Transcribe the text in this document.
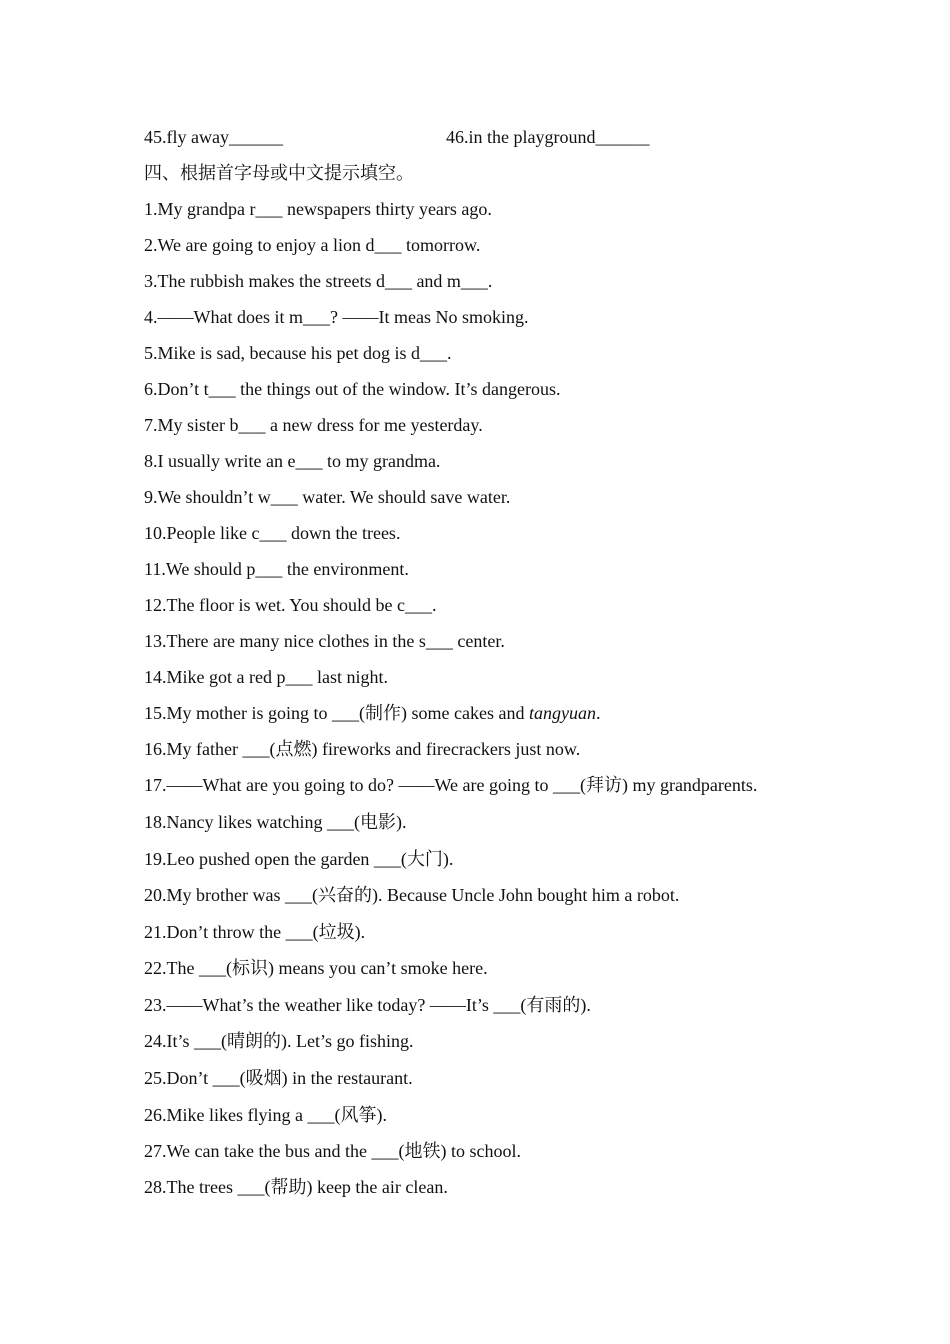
45.fly away______	46.in the playground______
四、根据首字母或中文提示填空。
1.My grandpa r___ newspapers thirty years ago.
2.We are going to enjoy a lion d___ tomorrow.
3.The rubbish makes the streets d___ and m___.
4.——What does it m___? ——It meas No smoking.
5.Mike is sad, because his pet dog is d___.
6.Don’t t___ the things out of the window. It’s dangerous.
7.My sister b___ a new dress for me yesterday.
8.I usually write an e___ to my grandma.
9.We shouldn’t w___ water. We should save water.
10.People like c___ down the trees.
11.We should p___ the environment.
12.The floor is wet. You should be c___.
13.There are many nice clothes in the s___ center.
14.Mike got a red p___ last night.
15.My mother is going to ___(制作) some cakes and tangyuan.
16.My father ___(点燃) fireworks and firecrackers just now.
17.——What are you going to do? ——We are going to ___(拜访) my grandparents.
18.Nancy likes watching ___(电影).
19.Leo pushed open the garden ___(大门).
20.My brother was ___(兴奋的). Because Uncle John bought him a robot.
21.Don’t throw the ___(垃圾).
22.The ___(标识) means you can’t smoke here.
23.——What’s the weather like today? ——It’s ___(有雨的).
24.It’s ___(晴朗的). Let’s go fishing.
25.Don’t ___(吸烟) in the restaurant.
26.Mike likes flying a ___(风筝).
27.We can take the bus and the ___(地铁) to school.
28.The trees ___(帮助) keep the air clean.
